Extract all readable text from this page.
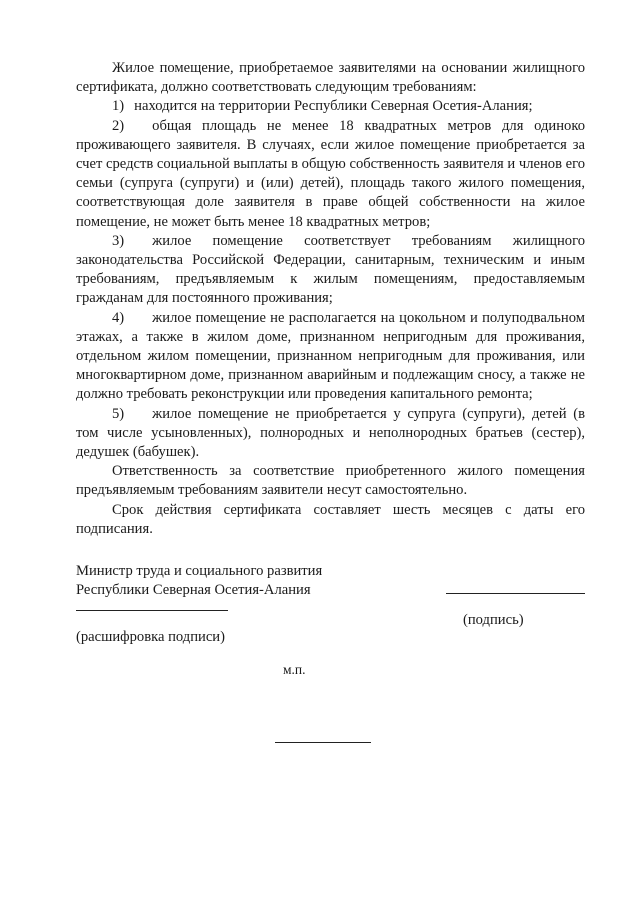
Жилое помещение, приобретаемое заявителями на основании жилищного сертификата, должно соответствовать следующим требованиям:

1) находится на территории Республики Северная Осетия-Алания;

2) общая площадь не менее 18 квадратных метров для одиноко проживающего заявителя. В случаях, если жилое помещение приобретается за счет средств социальной выплаты в общую собственность заявителя и членов его семьи (супруга (супруги) и (или) детей), площадь такого жилого помещения, соответствующая доле заявителя в праве общей собственности на жилое помещение, не может быть менее 18 квадратных метров;

3) жилое помещение соответствует требованиям жилищного законодательства Российской Федерации, санитарным, техническим и иным требованиям, предъявляемым к жилым помещениям, предоставляемым гражданам для постоянного проживания;

4) жилое помещение не располагается на цокольном и полуподвальном этажах, а также в жилом доме, признанном непригодным для проживания, отдельном жилом помещении, признанном непригодным для проживания, или многоквартирном доме, признанном аварийным и подлежащим сносу, а также не должно требовать реконструкции или проведения капитального ремонта;

5) жилое помещение не приобретается у супруга (супруги), детей (в том числе усыновленных), полнородных и неполнородных братьев (сестер), дедушек (бабушек).

Ответственность за соответствие приобретенного жилого помещения предъявляемым требованиям заявители несут самостоятельно.

Срок действия сертификата составляет шесть месяцев с даты его подписания.

Министр труда и социального развития
Республики Северная Осетия-Алания
(подпись)
(расшифровка подписи)
м.п.
